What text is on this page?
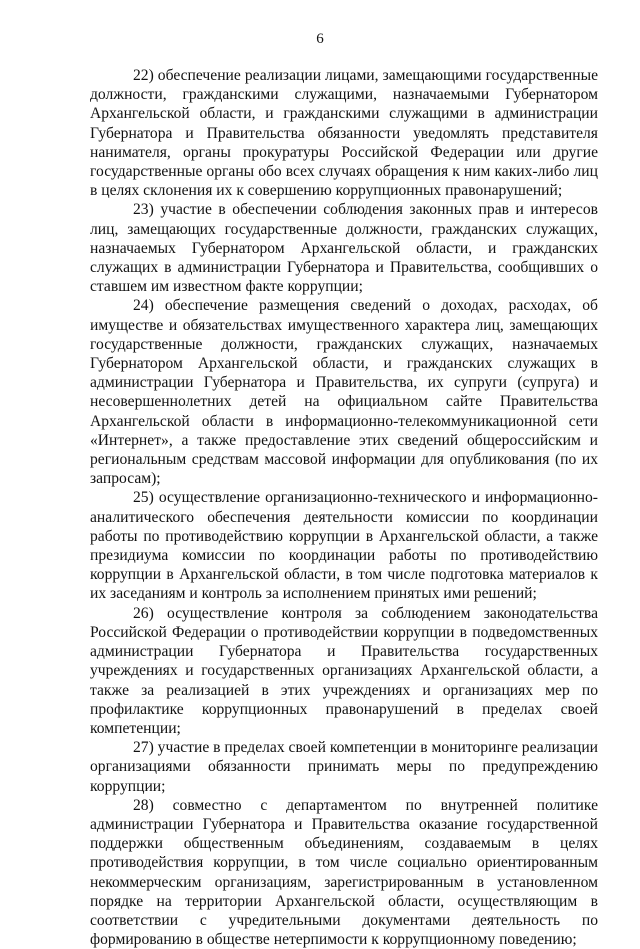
6

22) обеспечение реализации лицами, замещающими государственные должности, гражданскими служащими, назначаемыми Губернатором Архангельской области, и гражданскими служащими в администрации Губернатора и Правительства обязанности уведомлять представителя нанимателя, органы прокуратуры Российской Федерации или другие государственные органы обо всех случаях обращения к ним каких-либо лиц в целях склонения их к совершению коррупционных правонарушений;

23) участие в обеспечении соблюдения законных прав и интересов лиц, замещающих государственные должности, гражданских служащих, назначаемых Губернатором Архангельской области, и гражданских служащих в администрации Губернатора и Правительства, сообщивших о ставшем им известном факте коррупции;

24) обеспечение размещения сведений о доходах, расходах, об имуществе и обязательствах имущественного характера лиц, замещающих государственные должности, гражданских служащих, назначаемых Губернатором Архангельской области, и гражданских служащих в администрации Губернатора и Правительства, их супруги (супруга) и несовершеннолетних детей на официальном сайте Правительства Архангельской области в информационно-телекоммуникационной сети «Интернет», а также предоставление этих сведений общероссийским и региональным средствам массовой информации для опубликования (по их запросам);

25) осуществление организационно-технического и информационно-аналитического обеспечения деятельности комиссии по координации работы по противодействию коррупции в Архангельской области, а также президиума комиссии по координации работы по противодействию коррупции в Архангельской области, в том числе подготовка материалов к их заседаниям и контроль за исполнением принятых ими решений;

26) осуществление контроля за соблюдением законодательства Российской Федерации о противодействии коррупции в подведомственных администрации Губернатора и Правительства государственных учреждениях и государственных организациях Архангельской области, а также за реализацией в этих учреждениях и организациях мер по профилактике коррупционных правонарушений в пределах своей компетенции;

27) участие в пределах своей компетенции в мониторинге реализации организациями обязанности принимать меры по предупреждению коррупции;

28) совместно с департаментом по внутренней политике администрации Губернатора и Правительства оказание государственной поддержки общественным объединениям, создаваемым в целях противодействия коррупции, в том числе социально ориентированным некоммерческим организациям, зарегистрированным в установленном порядке на территории Архангельской области, осуществляющим в соответствии с учредительными документами деятельность по формированию в обществе нетерпимости к коррупционному поведению;
